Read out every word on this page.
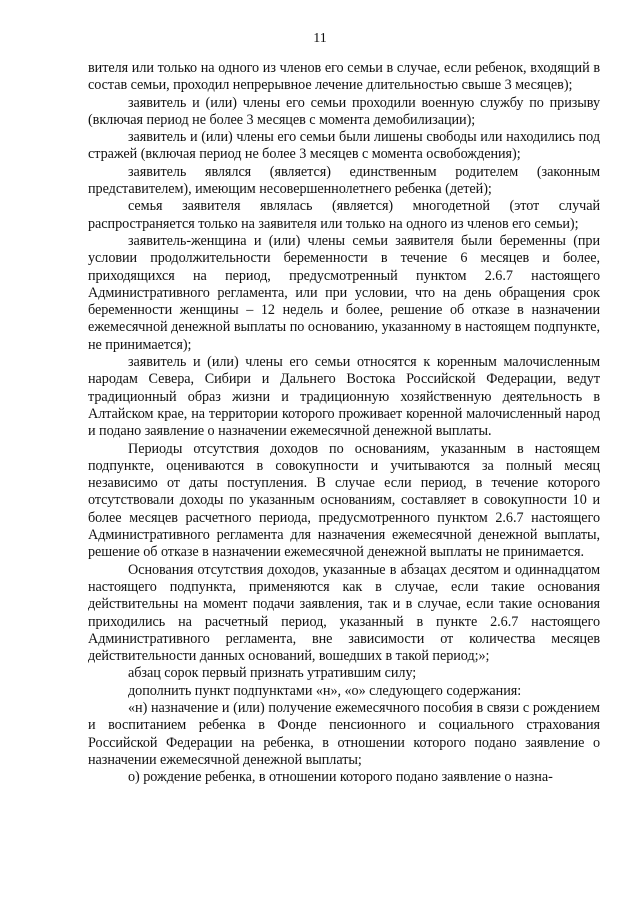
11

вителя или только на одного из членов его семьи в случае, если ребенок, входящий в состав семьи, проходил непрерывное лечение длительностью свыше 3 месяцев);

заявитель и (или) члены его семьи проходили военную службу по призыву (включая период не более 3 месяцев с момента демобилизации);

заявитель и (или) члены его семьи были лишены свободы или находились под стражей (включая период не более 3 месяцев с момента освобождения);

заявитель являлся (является) единственным родителем (законным представителем), имеющим несовершеннолетнего ребенка (детей);

семья заявителя являлась (является) многодетной (этот случай распространяется только на заявителя или только на одного из членов его семьи);

заявитель-женщина и (или) члены семьи заявителя были беременны (при условии продолжительности беременности в течение 6 месяцев и более, приходящихся на период, предусмотренный пунктом 2.6.7 настоящего Административного регламента, или при условии, что на день обращения срок беременности женщины – 12 недель и более, решение об отказе в назначении ежемесячной денежной выплаты по основанию, указанному в настоящем подпункте, не принимается);

заявитель и (или) члены его семьи относятся к коренным малочисленным народам Севера, Сибири и Дальнего Востока Российской Федерации, ведут традиционный образ жизни и традиционную хозяйственную деятельность в Алтайском крае, на территории которого проживает коренной малочисленный народ и подано заявление о назначении ежемесячной денежной выплаты.

Периоды отсутствия доходов по основаниям, указанным в настоящем подпункте, оцениваются в совокупности и учитываются за полный месяц независимо от даты поступления. В случае если период, в течение которого отсутствовали доходы по указанным основаниям, составляет в совокупности 10 и более месяцев расчетного периода, предусмотренного пунктом 2.6.7 настоящего Административного регламента для назначения ежемесячной денежной выплаты, решение об отказе в назначении ежемесячной денежной выплаты не принимается.

Основания отсутствия доходов, указанные в абзацах десятом и одиннадцатом настоящего подпункта, применяются как в случае, если такие основания действительны на момент подачи заявления, так и в случае, если такие основания приходились на расчетный период, указанный в пункте 2.6.7 настоящего Административного регламента, вне зависимости от количества месяцев действительности данных оснований, вошедших в такой период;»;

абзац сорок первый признать утратившим силу;

дополнить пункт подпунктами «н», «о» следующего содержания:

«н) назначение и (или) получение ежемесячного пособия в связи с рождением и воспитанием ребенка в Фонде пенсионного и социального страхования Российской Федерации на ребенка, в отношении которого подано заявление о назначении ежемесячной денежной выплаты;

о) рождение ребенка, в отношении которого подано заявление о назна-
